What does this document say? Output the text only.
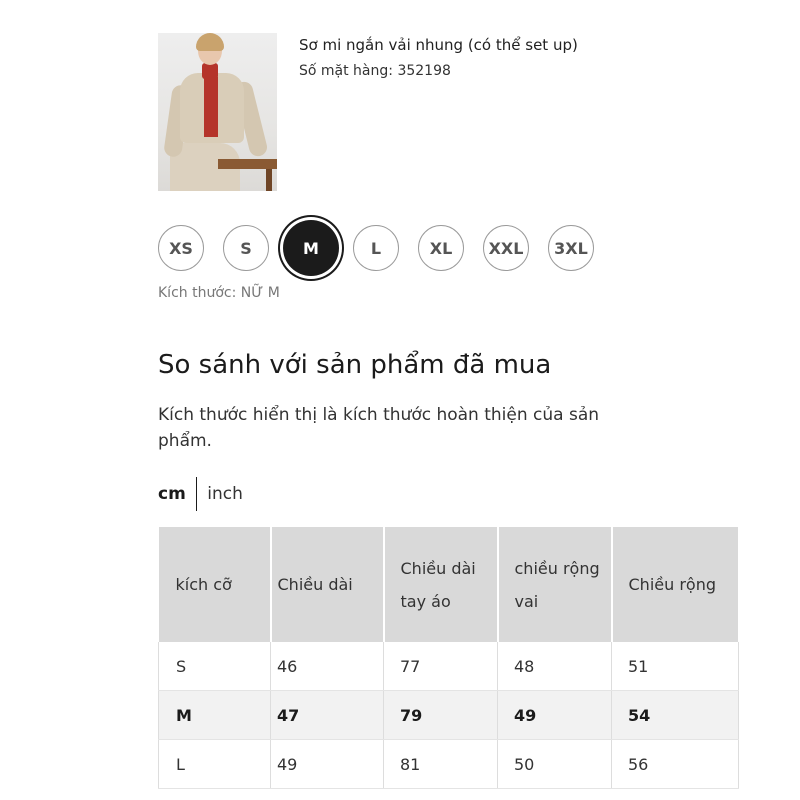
Sơ mi ngắn vải nhung (có thể set up)
Số mặt hàng: 352198
XS	S	M	L	XL	XXL	3XL
Kích thước: NỮ M
So sánh với sản phẩm đã mua
Kích thước hiển thị là kích thước hoàn thiện của sản phẩm.
cm inch
kích cỡ	Chiều dài	Chiều dài tay áo	chiều rộng vai	Chiều rộng
S	46	77	48	51
M	47	79	49	54
L	49	81	50	56
